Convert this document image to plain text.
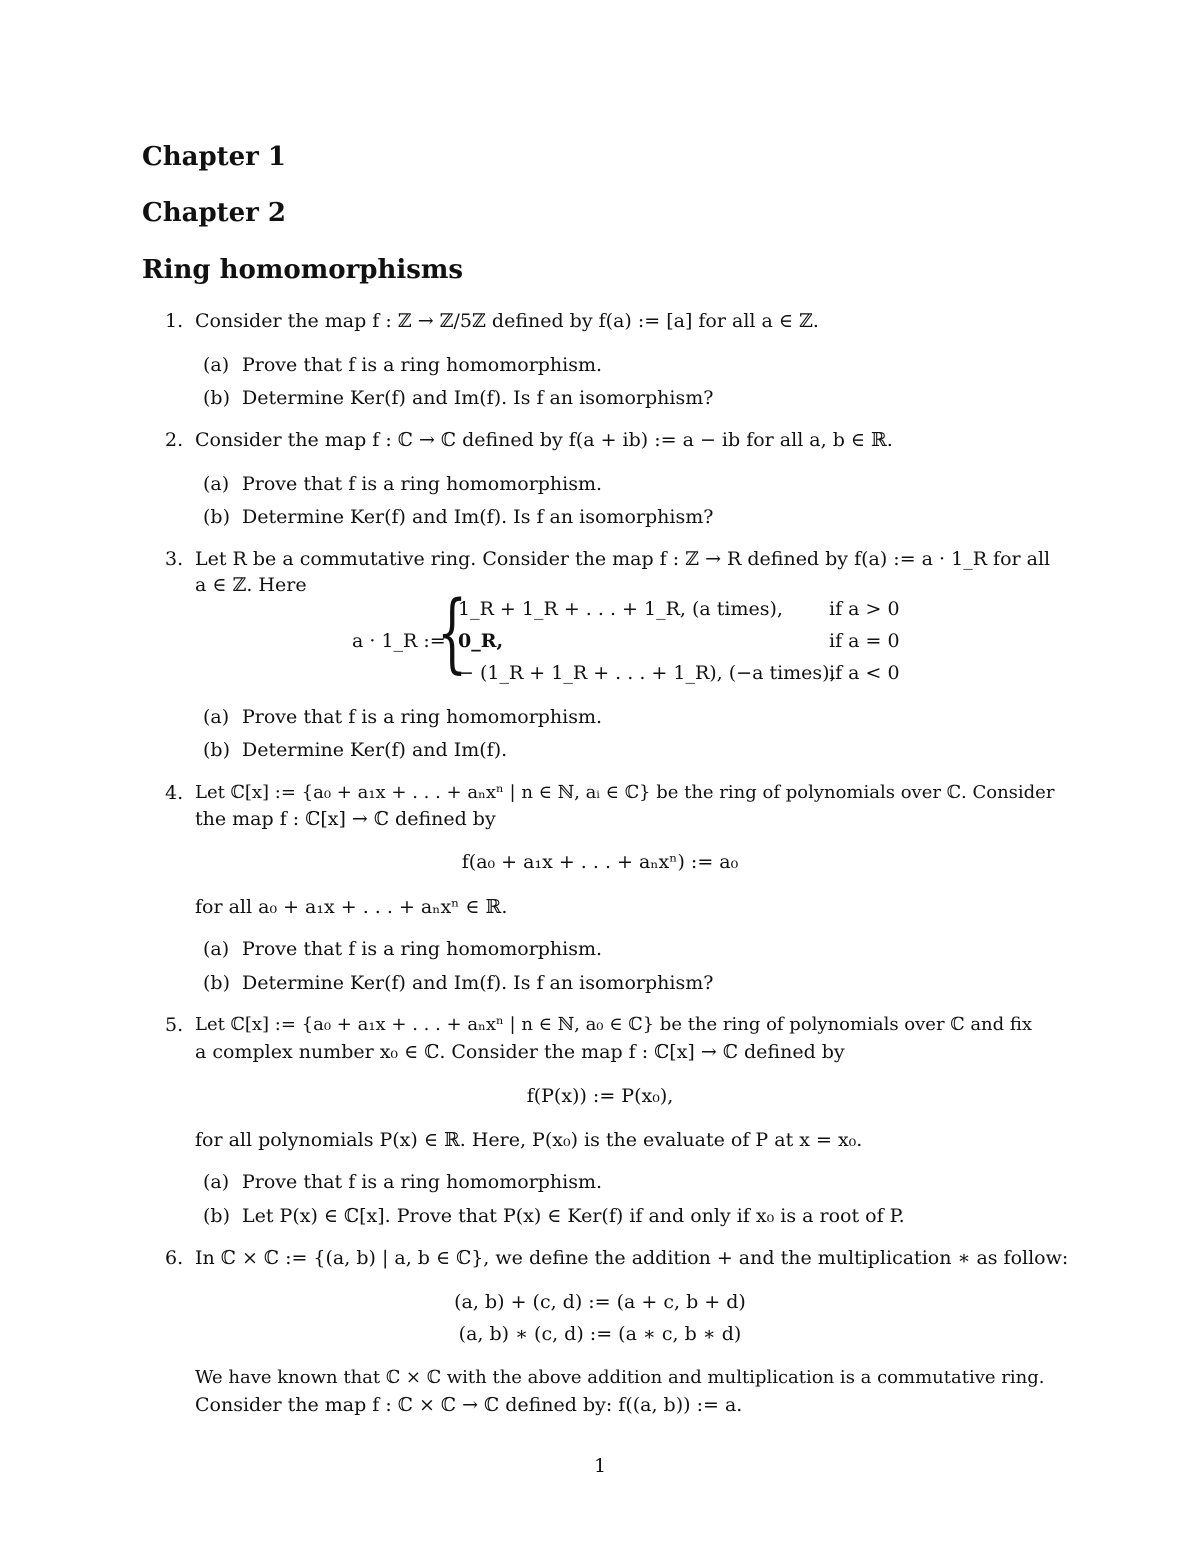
Chapter 1
Chapter 2
Ring homomorphisms
1. Consider the map f : ℤ → ℤ/5ℤ defined by f(a) := [a] for all a ∈ ℤ.
(a) Prove that f is a ring homomorphism.
(b) Determine Ker(f) and Im(f). Is f an isomorphism?
2. Consider the map f : ℂ → ℂ defined by f(a + ib) := a − ib for all a, b ∈ ℝ.
(a) Prove that f is a ring homomorphism.
(b) Determine Ker(f) and Im(f). Is f an isomorphism?
3. Let R be a commutative ring. Consider the map f : ℤ → R defined by f(a) := a · 1_R for all
a ∈ ℤ. Here
a · 1_R :=
{
1_R + 1_R + . . . + 1_R, (a times), if a > 0
0_R,	if a = 0
− (1_R + 1_R + . . . + 1_R), (−a times),
if a < 0
(a) Prove that f is a ring homomorphism.
(b) Determine Ker(f) and Im(f).
4. Let ℂ[x] := {a₀ + a₁x + . . . + aₙxⁿ | n ∈ ℕ, aᵢ ∈ ℂ} be the ring of polynomials over ℂ. Consider
the map f : ℂ[x] → ℂ defined by
f(a₀ + a₁x + . . . + aₙxⁿ) := a₀
for all a₀ + a₁x + . . . + aₙxⁿ ∈ ℝ.
(a) Prove that f is a ring homomorphism.
(b) Determine Ker(f) and Im(f). Is f an isomorphism?
5. Let ℂ[x] := {a₀ + a₁x + . . . + aₙxⁿ | n ∈ ℕ, a₀ ∈ ℂ} be the ring of polynomials over ℂ and fix
a complex number x₀ ∈ ℂ. Consider the map f : ℂ[x] → ℂ defined by
f(P(x)) := P(x₀),
for all polynomials P(x) ∈ ℝ. Here, P(x₀) is the evaluate of P at x = x₀.
(a) Prove that f is a ring homomorphism.
(b) Let P(x) ∈ ℂ[x]. Prove that P(x) ∈ Ker(f) if and only if x₀ is a root of P.
6. In ℂ × ℂ := {(a, b) | a, b ∈ ℂ}, we define the addition + and the multiplication ∗ as follow:
(a, b) + (c, d) := (a + c, b + d)
(a, b) ∗ (c, d) := (a ∗ c, b ∗ d)
We have known that ℂ × ℂ with the above addition and multiplication is a commutative ring.
Consider the map f : ℂ × ℂ → ℂ defined by: f((a, b)) := a.
1
